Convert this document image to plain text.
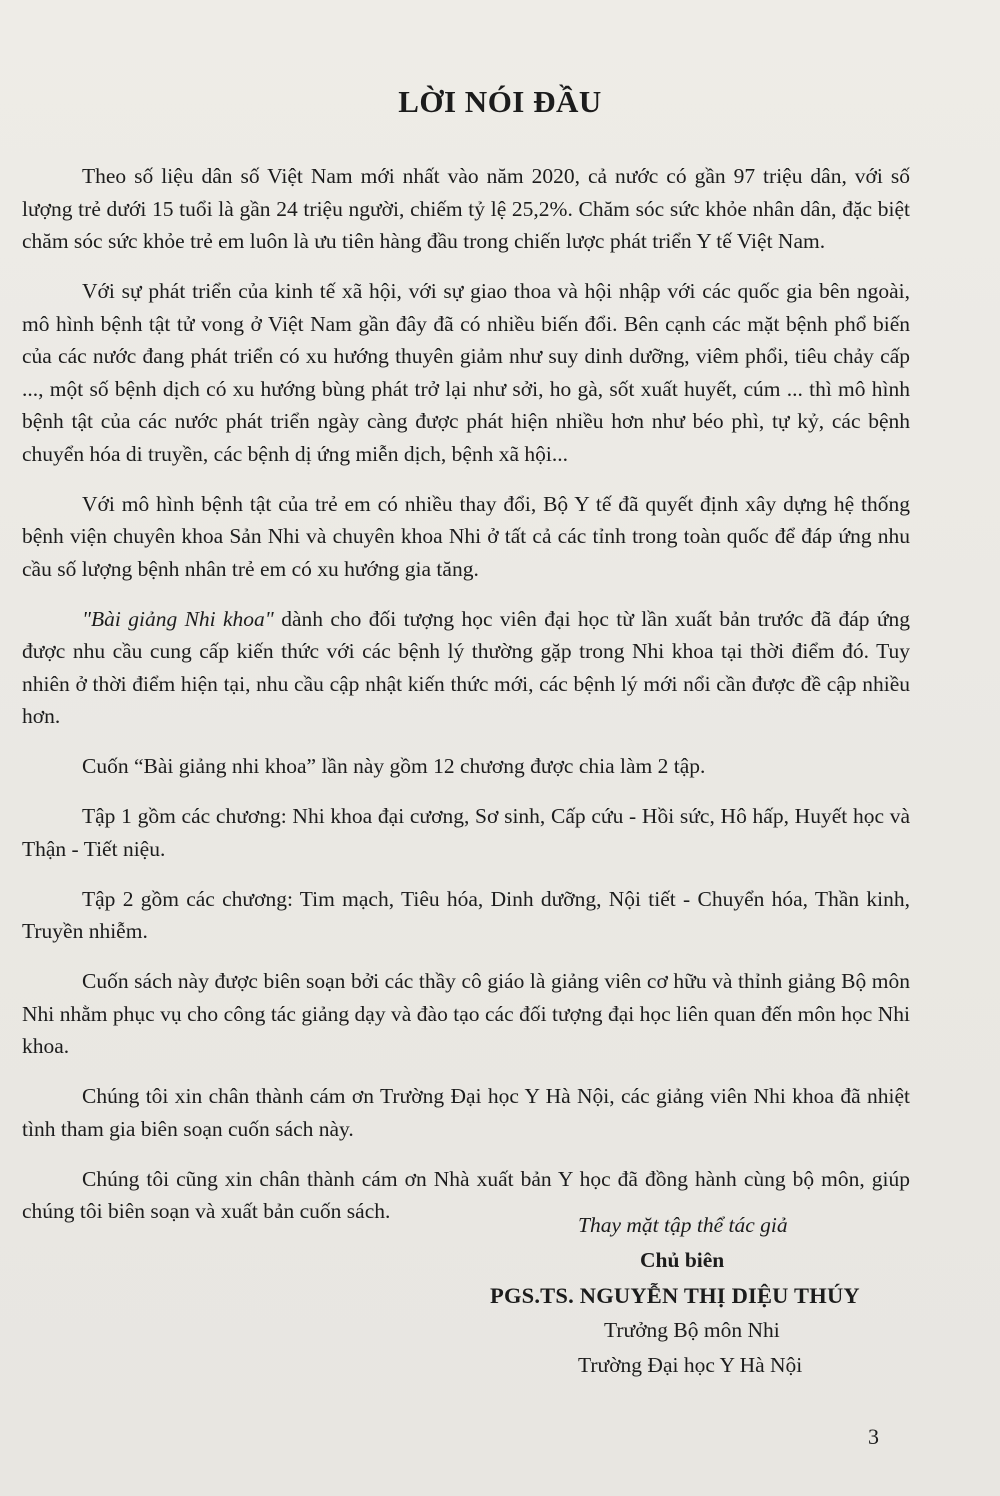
LỜI NÓI ĐẦU

Theo số liệu dân số Việt Nam mới nhất vào năm 2020, cả nước có gần 97 triệu dân, với số lượng trẻ dưới 15 tuổi là gần 24 triệu người, chiếm tỷ lệ 25,2%. Chăm sóc sức khỏe nhân dân, đặc biệt chăm sóc sức khỏe trẻ em luôn là ưu tiên hàng đầu trong chiến lược phát triển Y tế Việt Nam.

Với sự phát triển của kinh tế xã hội, với sự giao thoa và hội nhập với các quốc gia bên ngoài, mô hình bệnh tật tử vong ở Việt Nam gần đây đã có nhiều biến đổi. Bên cạnh các mặt bệnh phổ biến của các nước đang phát triển có xu hướng thuyên giảm như suy dinh dưỡng, viêm phổi, tiêu chảy cấp ..., một số bệnh dịch có xu hướng bùng phát trở lại như sởi, ho gà, sốt xuất huyết, cúm ... thì mô hình bệnh tật của các nước phát triển ngày càng được phát hiện nhiều hơn như béo phì, tự kỷ, các bệnh chuyển hóa di truyền, các bệnh dị ứng miễn dịch, bệnh xã hội...

Với mô hình bệnh tật của trẻ em có nhiều thay đổi, Bộ Y tế đã quyết định xây dựng hệ thống bệnh viện chuyên khoa Sản Nhi và chuyên khoa Nhi ở tất cả các tỉnh trong toàn quốc để đáp ứng nhu cầu số lượng bệnh nhân trẻ em có xu hướng gia tăng.

"Bài giảng Nhi khoa" dành cho đối tượng học viên đại học từ lần xuất bản trước đã đáp ứng được nhu cầu cung cấp kiến thức với các bệnh lý thường gặp trong Nhi khoa tại thời điểm đó. Tuy nhiên ở thời điểm hiện tại, nhu cầu cập nhật kiến thức mới, các bệnh lý mới nổi cần được đề cập nhiều hơn.

Cuốn “Bài giảng nhi khoa” lần này gồm 12 chương được chia làm 2 tập.

Tập 1 gồm các chương: Nhi khoa đại cương, Sơ sinh, Cấp cứu - Hồi sức, Hô hấp, Huyết học và Thận - Tiết niệu.

Tập 2 gồm các chương: Tim mạch, Tiêu hóa, Dinh dưỡng, Nội tiết - Chuyển hóa, Thần kinh, Truyền nhiễm.

Cuốn sách này được biên soạn bởi các thầy cô giáo là giảng viên cơ hữu và thỉnh giảng Bộ môn Nhi nhằm phục vụ cho công tác giảng dạy và đào tạo các đối tượng đại học liên quan đến môn học Nhi khoa.

Chúng tôi xin chân thành cám ơn Trường Đại học Y Hà Nội, các giảng viên Nhi khoa đã nhiệt tình tham gia biên soạn cuốn sách này.

Chúng tôi cũng xin chân thành cám ơn Nhà xuất bản Y học đã đồng hành cùng bộ môn, giúp chúng tôi biên soạn và xuất bản cuốn sách.

Thay mặt tập thể tác giả
Chủ biên
PGS.TS. NGUYỄN THỊ DIỆU THÚY
Trưởng Bộ môn Nhi
Trường Đại học Y Hà Nội
3
